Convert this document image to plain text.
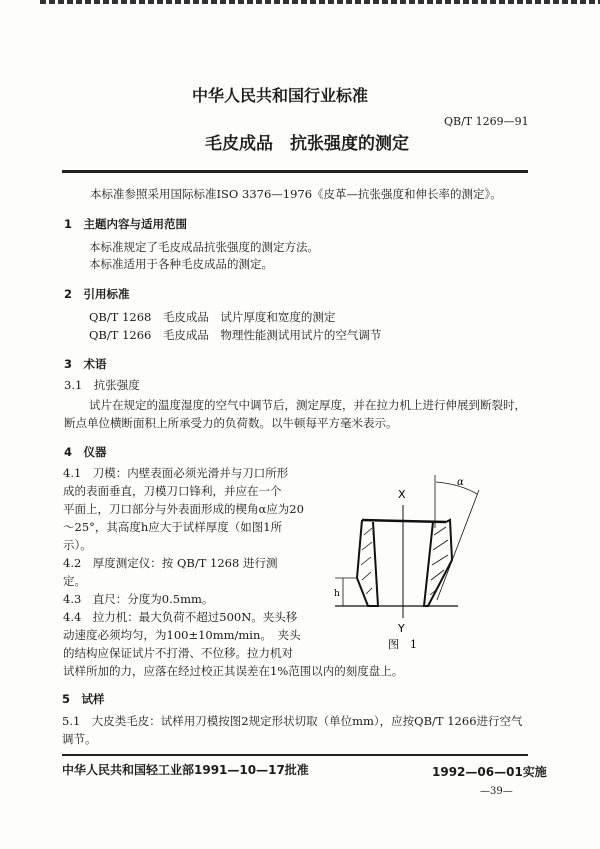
中华人民共和国行业标准
QB/T 1269—91
毛皮成品　抗张强度的测定
本标准参照采用国际标准ISO 3376—1976《皮革—抗张强度和伸长率的测定》。
1　主题内容与适用范围
本标准规定了毛皮成品抗张强度的测定方法。
本标准适用于各种毛皮成品的测定。
2　引用标准
QB/T 1268　毛皮成品　试片厚度和宽度的测定
QB/T 1266　毛皮成品　物理性能测试用试片的空气调节
3　术语
3.1　抗张强度
试片在规定的温度湿度的空气中调节后，测定厚度，并在拉力机上进行伸展到断裂时，
断点单位横断面积上所承受力的负荷数。以牛顿每平方毫米表示。
4　仪器
4.1　刀模：内壁表面必须光滑并与刀口所形
成的表面垂直，刀模刀口锋利，并应在一个
平面上，刀口部分与外表面形成的楔角α应为20
～25°，其高度h应大于试样厚度（如图1所
示）。
4.2　厚度测定仪：按 QB/T 1268 进行测
定。
4.3　直尺：分度为0.5mm。
4.4　拉力机：最大负荷不超过500N。夹头移
动速度必须均匀，为100±10mm/min。　夹头
的结构应保证试片不打滑、不位移。拉力机对
试样所加的力，应落在经过校正其误差在1%范围以内的刻度盘上。
X
Y
α
h
图　1
5　试样
5.1　大皮类毛皮：试样用刀模按图2规定形状切取（单位mm），应按QB/T 1266进行空气
调节。
中华人民共和国轻工业部1991—10—17批准	1992—06—01实施
—39—
